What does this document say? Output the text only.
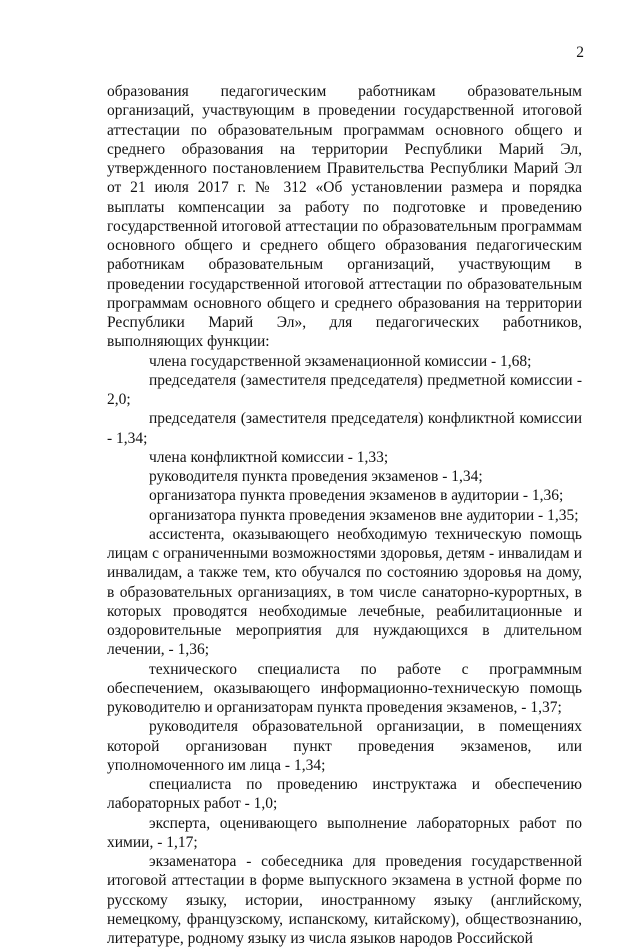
2

образования педагогическим работникам образовательным организаций, участвующим в проведении государственной итоговой аттестации по образовательным программам основного общего и среднего образования на территории Республики Марий Эл, утвержденного постановлением Правительства Республики Марий Эл от 21 июля 2017 г. № 312 «Об установлении размера и порядка выплаты компенсации за работу по подготовке и проведению государственной итоговой аттестации по образовательным программам основного общего и среднего общего образования педагогическим работникам образовательным организаций, участвующим в проведении государственной итоговой аттестации по образовательным программам основного общего и среднего образования на территории Республики Марий Эл», для педагогических работников, выполняющих функции:

члена государственной экзаменационной комиссии - 1,68;

председателя (заместителя председателя) предметной комиссии - 2,0;

председателя (заместителя председателя) конфликтной комиссии - 1,34;

члена конфликтной комиссии - 1,33;

руководителя пункта проведения экзаменов - 1,34;

организатора пункта проведения экзаменов в аудитории - 1,36;

организатора пункта проведения экзаменов вне аудитории - 1,35;

ассистента, оказывающего необходимую техническую помощь лицам с ограниченными возможностями здоровья, детям - инвалидам и инвалидам, а также тем, кто обучался по состоянию здоровья на дому, в образовательных организациях, в том числе санаторно-курортных, в которых проводятся необходимые лечебные, реабилитационные и оздоровительные мероприятия для нуждающихся в длительном лечении, - 1,36;

технического специалиста по работе с программным обеспечением, оказывающего информационно-техническую помощь руководителю и организаторам пункта проведения экзаменов, - 1,37;

руководителя образовательной организации, в помещениях которой организован пункт проведения экзаменов, или уполномоченного им лица - 1,34;

специалиста по проведению инструктажа и обеспечению лабораторных работ - 1,0;

эксперта, оценивающего выполнение лабораторных работ по химии, - 1,17;

экзаменатора - собеседника для проведения государственной итоговой аттестации в форме выпускного экзамена в устной форме по русскому языку, истории, иностранному языку (английскому, немецкому, французскому, испанскому, китайскому), обществознанию, литературе, родному языку из числа языков народов Российской
